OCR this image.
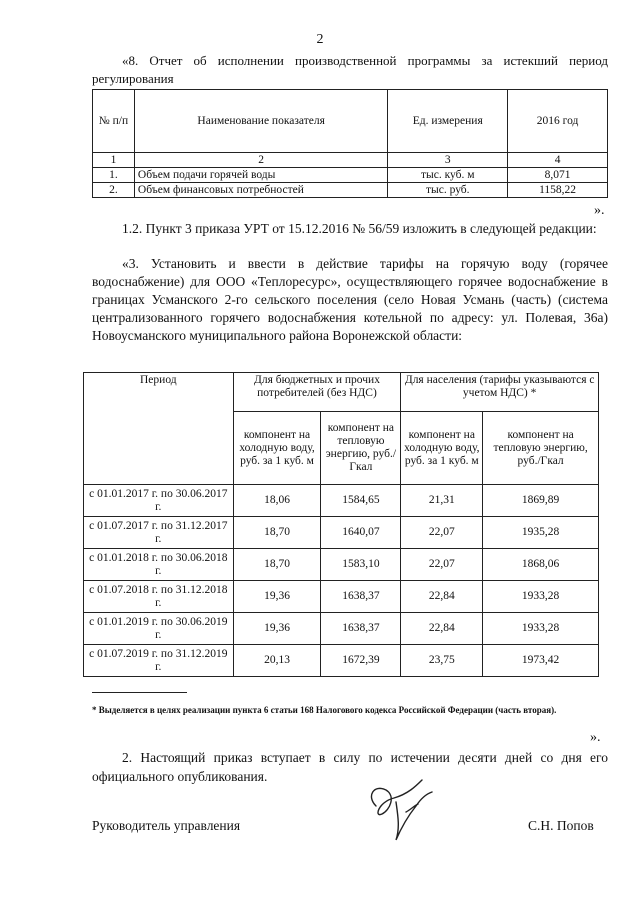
2
«8. Отчет об исполнении производственной программы за истекший период регулирования
№ п/п	Наименование показателя	Ед. измерения	2016 год
1	2	3	4
1.	Объем подачи горячей воды	тыс. куб. м	8,071
2.	Объем финансовых потребностей	тыс. руб.	1158,22
».
1.2. Пункт 3 приказа УРТ от 15.12.2016 № 56/59 изложить в следующей редакции:
«3. Установить и ввести в действие тарифы на горячую воду (горячее водоснабжение) для ООО «Теплоресурс», осуществляющего горячее водоснабжение в границах Усманского 2-го сельского поселения (село Новая Усмань (часть) (система централизованного горячего водоснабжения котельной по адресу: ул. Полевая, 36а) Новоусманского муниципального района Воронежской области:
Период	Для бюджетных и прочих потребителей (без НДС)		Для населения (тарифы указываются с учетом НДС) *	
	компонент на холодную воду, руб. за 1 куб. м	компонент на тепловую энергию, руб./Гкал	компонент на холодную воду, руб. за 1 куб. м	компонент на тепловую энергию, руб./Гкал
с 01.01.2017 г. по 30.06.2017 г.	18,06	1584,65	21,31	1869,89
с 01.07.2017 г. по 31.12.2017 г.	18,70	1640,07	22,07	1935,28
с 01.01.2018 г. по 30.06.2018 г.	18,70	1583,10	22,07	1868,06
с 01.07.2018 г. по 31.12.2018 г.	19,36	1638,37	22,84	1933,28
с 01.01.2019 г. по 30.06.2019 г.	19,36	1638,37	22,84	1933,28
с 01.07.2019 г. по 31.12.2019 г.	20,13	1672,39	23,75	1973,42
* Выделяется в целях реализации пункта 6 статьи 168 Налогового кодекса Российской Федерации (часть вторая).
».
2. Настоящий приказ вступает в силу по истечении десяти дней со дня его официального опубликования.
Руководитель управления	С.Н. Попов
